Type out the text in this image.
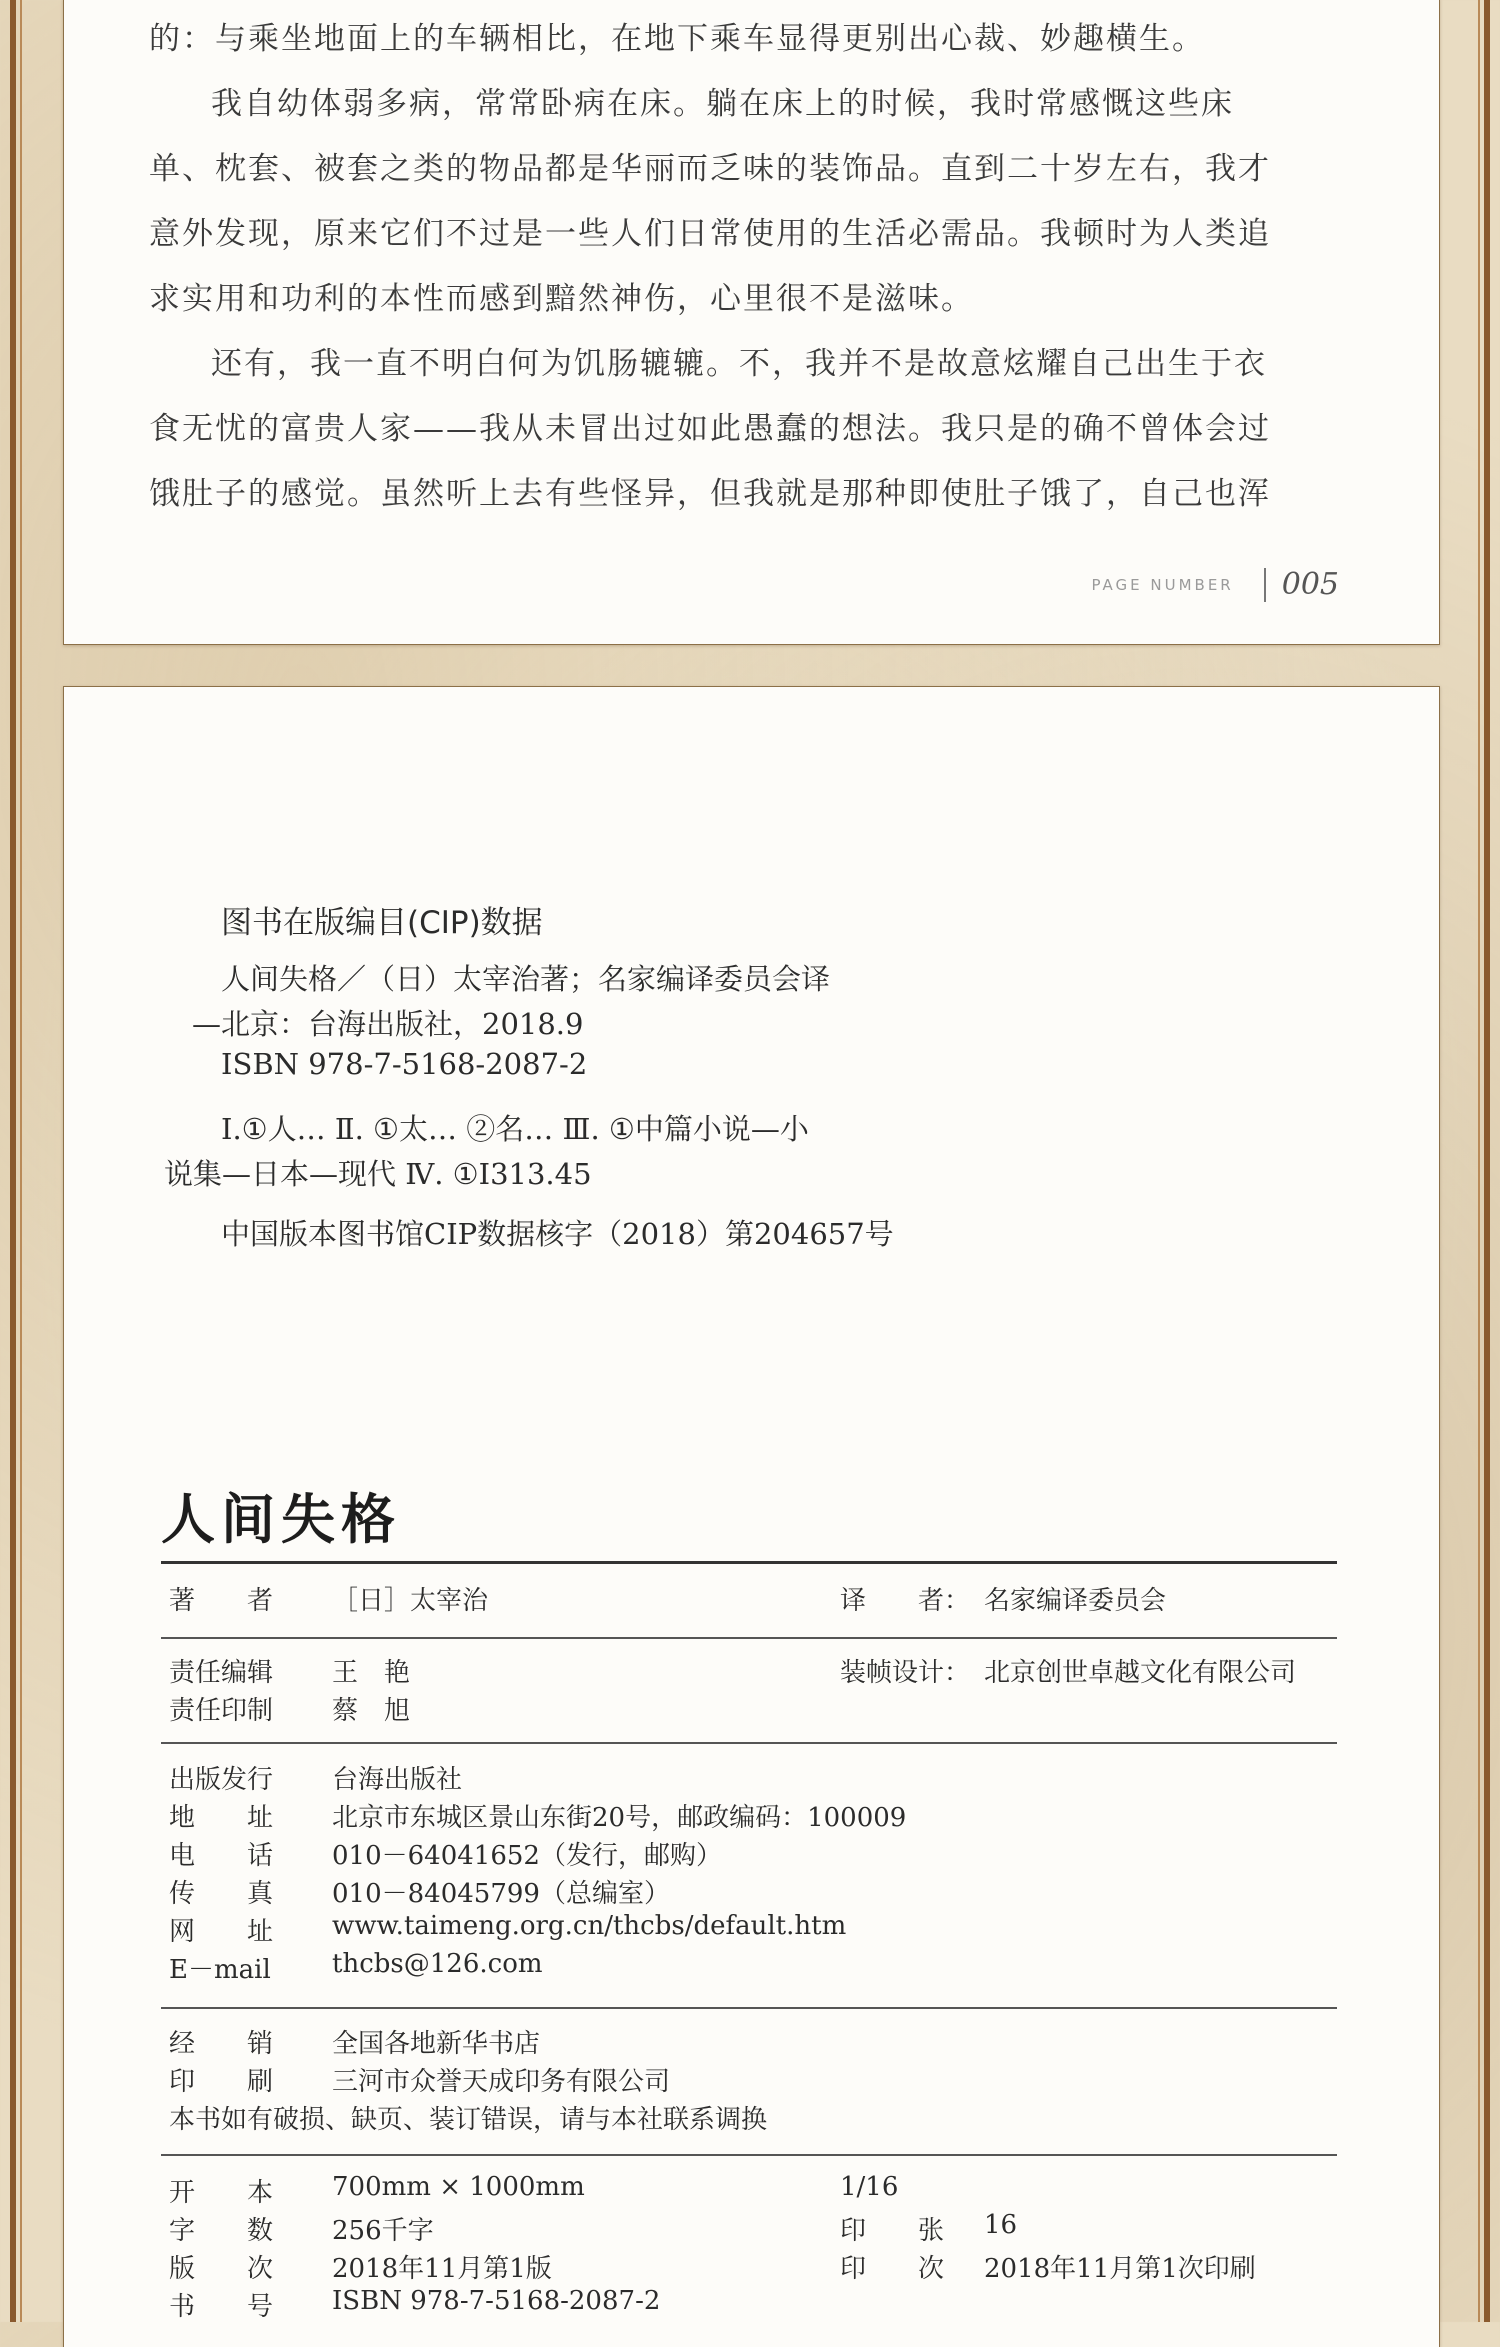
的：与乘坐地面上的车辆相比，在地下乘车显得更别出心裁、妙趣横生。
我自幼体弱多病，常常卧病在床。躺在床上的时候，我时常感慨这些床
单、枕套、被套之类的物品都是华丽而乏味的装饰品。直到二十岁左右，我才
意外发现，原来它们不过是一些人们日常使用的生活必需品。我顿时为人类追
求实用和功利的本性而感到黯然神伤，心里很不是滋味。
还有，我一直不明白何为饥肠辘辘。不，我并不是故意炫耀自己出生于衣
食无忧的富贵人家——我从未冒出过如此愚蠢的想法。我只是的确不曾体会过
饿肚子的感觉。虽然听上去有些怪异，但我就是那种即使肚子饿了，自己也浑
PAGE NUMBER 005
图书在版编目(CIP)数据
人间失格／（日）太宰治著；名家编译委员会译
—北京：台海出版社，2018.9
ISBN 978-7-5168-2087-2
Ⅰ.①人… Ⅱ. ①太… ②名… Ⅲ. ①中篇小说—小
说集—日本—现代 Ⅳ. ①I313.45
中国版本图书馆CIP数据核字（2018）第204657号
人间失格
著　　者 ［日］太宰治	译　　者： 名家编译委员会
责任编辑 王　艳	装帧设计： 北京创世卓越文化有限公司
责任印制 蔡　旭
出版发行 台海出版社
地　　址 北京市东城区景山东街20号，邮政编码：100009
电　　话 010－64041652（发行，邮购）
传　　真 010－84045799（总编室）
网　　址 www.taimeng.org.cn/thcbs/default.htm
E－mail thcbs@126.com
经　　销 全国各地新华书店
印　　刷 三河市众誉天成印务有限公司
本书如有破损、缺页、装订错误，请与本社联系调换
开　　本 700mm × 1000mm	1/16
字　　数 256千字	印　　张 16
版　　次 2018年11月第1版	印　　次 2018年11月第1次印刷
书　　号 ISBN 978-7-5168-2087-2
